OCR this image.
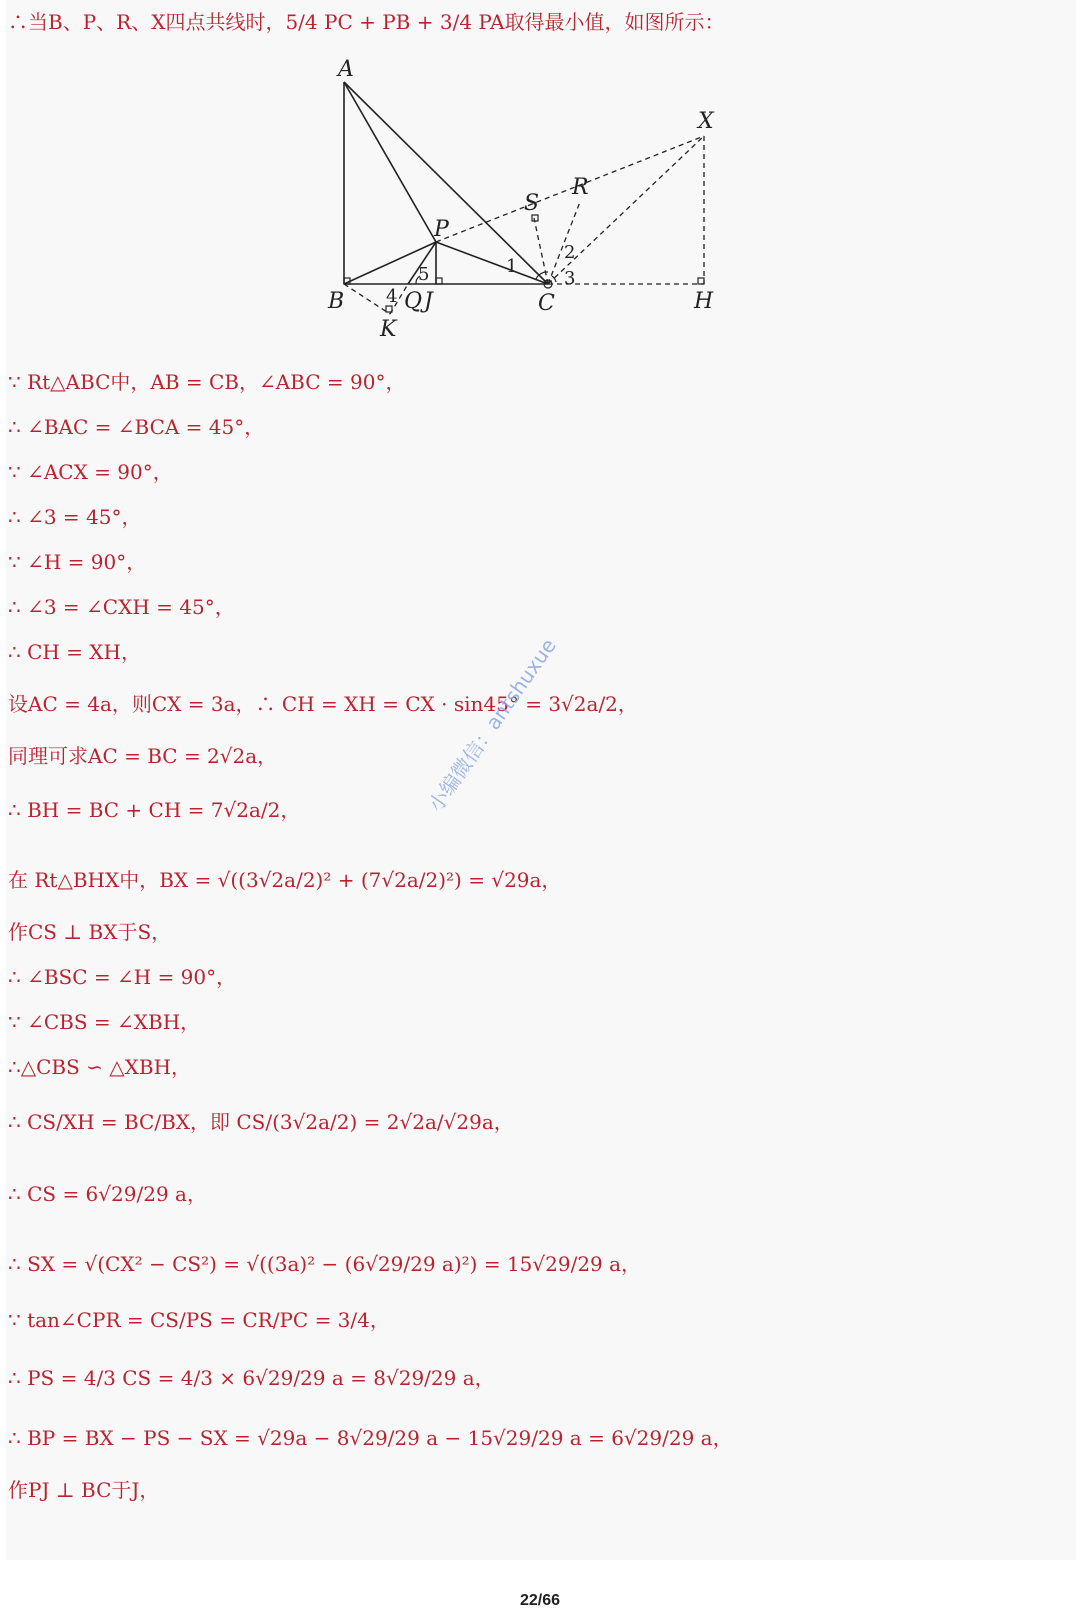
∴当B、P、R、X四点共线时，5/4 PC + PB + 3/4 PA取得最小值，如图所示：
A
X
S
R
P
B	Q J	C	H
K
1
2
3
4
5
∵ Rt△ABC中，AB = CB，∠ABC = 90°，
∴ ∠BAC = ∠BCA = 45°，
∵ ∠ACX = 90°，
∴ ∠3 = 45°，
∵ ∠H = 90°，
∴ ∠3 = ∠CXH = 45°，
∴ CH = XH，
设AC = 4a，则CX = 3a，∴ CH = XH = CX · sin45° = 3√2a/2，
同理可求AC = BC = 2√2a，
∴ BH = BC + CH = 7√2a/2，
在 Rt△BHX中，BX = √((3√2a/2)² + (7√2a/2)²) = √29a，
作CS ⊥ BX于S，
∴ ∠BSC = ∠H = 90°，
∵ ∠CBS = ∠XBH，
∴△CBS ∽ △XBH，
∴ CS/XH = BC/BX，即 CS/(3√2a/2) = 2√2a/√29a，
∴ CS = 6√29/29 a，
∴ SX = √(CX² − CS²) = √((3a)² − (6√29/29 a)²) = 15√29/29 a，
∵ tan∠CPR = CS/PS = CR/PC = 3/4，
∴ PS = 4/3 CS = 4/3 × 6√29/29 a = 8√29/29 a，
∴ BP = BX − PS − SX = √29a − 8√29/29 a − 15√29/29 a = 6√29/29 a，
作PJ ⊥ BC于J，
小编微信：antshuxue
22/66
